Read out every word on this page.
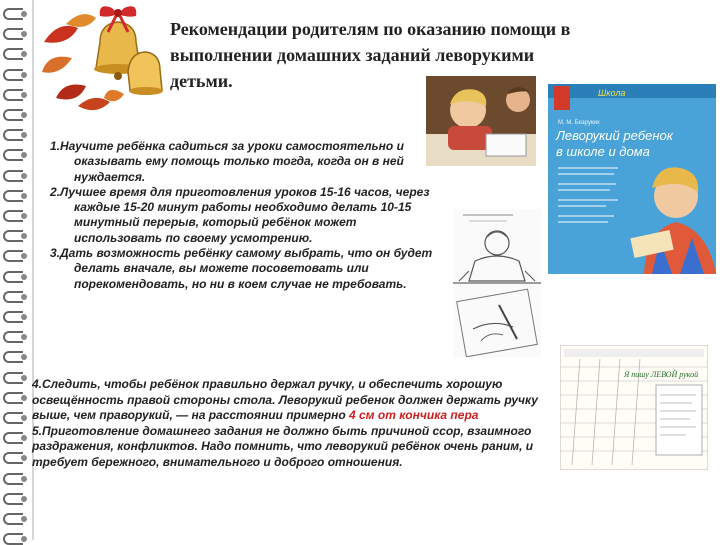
Рекомендации родителям по оказанию помощи в
выполнении домашних заданий леворукими
детьми.

Школа
М. М. Безруких
Леворукий ребенок
в школе и дома
Я пишу ЛЕВОЙ рукой
1.Научите ребёнка садиться за уроки самостоятельно и оказывать ему помощь только тогда, когда он в ней нуждается.
2.Лучшее время для приготовления уроков 15-16 часов, через каждые 15-20 минут работы необходимо делать 10-15 минутный перерыв, который ребёнок может использовать по своему усмотрению.
3.Дать возможность ребёнку самому выбрать, что он будет делать вначале, вы можете посоветовать или порекомендовать, но ни в коем случае не требовать.
4.Следить, чтобы ребёнок правильно держал ручку, и обеспечить хорошую освещённость правой стороны стола. Леворукий ребенок должен держать ручку выше, чем праворукий, — на расстоянии примерно 4 см от кончика пера
5.Приготовление домашнего задания не должно быть причиной ссор, взаимного раздражения, конфликтов. Надо помнить, что леворукий ребёнок очень раним, и требует бережного, внимательного и доброго отношения.
